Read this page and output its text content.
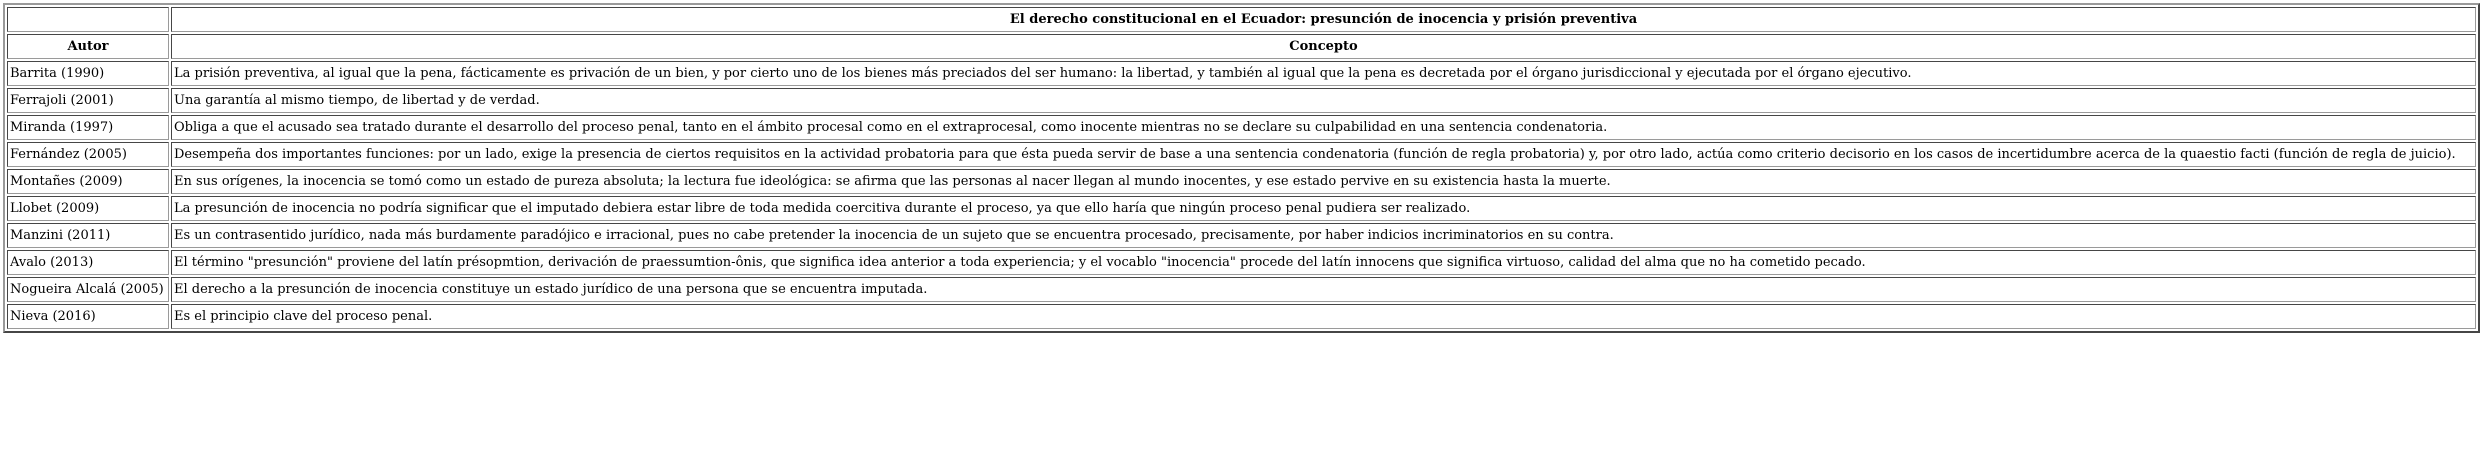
	El derecho constitucional en el Ecuador: presunción de inocencia y prisión preventiva
Autor	Concepto
Barrita (1990)	La prisión preventiva, al igual que la pena, fácticamente es privación de un bien, y por cierto uno de los bienes más preciados del ser humano: la libertad, y también al igual que la pena es decretada por el órgano jurisdiccional y ejecutada por el órgano ejecutivo.
Ferrajoli (2001)	Una garantía al mismo tiempo, de libertad y de verdad.
Miranda (1997)	Obliga a que el acusado sea tratado durante el desarrollo del proceso penal, tanto en el ámbito procesal como en el extraprocesal, como inocente mientras no se declare su culpabilidad en una sentencia condenatoria.
Fernández (2005)	Desempeña dos importantes funciones: por un lado, exige la presencia de ciertos requisitos en la actividad probatoria para que ésta pueda servir de base a una sentencia condenatoria (función de regla probatoria) y, por otro lado, actúa como criterio decisorio en los casos de incertidumbre acerca de la quaestio facti (función de regla de juicio).
Montañes (2009)	En sus orígenes, la inocencia se tomó como un estado de pureza absoluta; la lectura fue ideológica: se afirma que las personas al nacer llegan al mundo inocentes, y ese estado pervive en su existencia hasta la muerte.
Llobet (2009)	La presunción de inocencia no podría significar que el imputado debiera estar libre de toda medida coercitiva durante el proceso, ya que ello haría que ningún proceso penal pudiera ser realizado.
Manzini (2011)	Es un contrasentido jurídico, nada más burdamente paradójico e irracional, pues no cabe pretender la inocencia de un sujeto que se encuentra procesado, precisamente, por haber indicios incriminatorios en su contra.
Avalo (2013)	El término "presunción" proviene del latín présopmtion, derivación de praessumtion-ônis, que significa idea anterior a toda experiencia; y el vocablo "inocencia" procede del latín innocens que significa virtuoso, calidad del alma que no ha cometido pecado.
Nogueira Alcalá (2005)	El derecho a la presunción de inocencia constituye un estado jurídico de una persona que se encuentra imputada.
Nieva (2016)	Es el principio clave del proceso penal.
